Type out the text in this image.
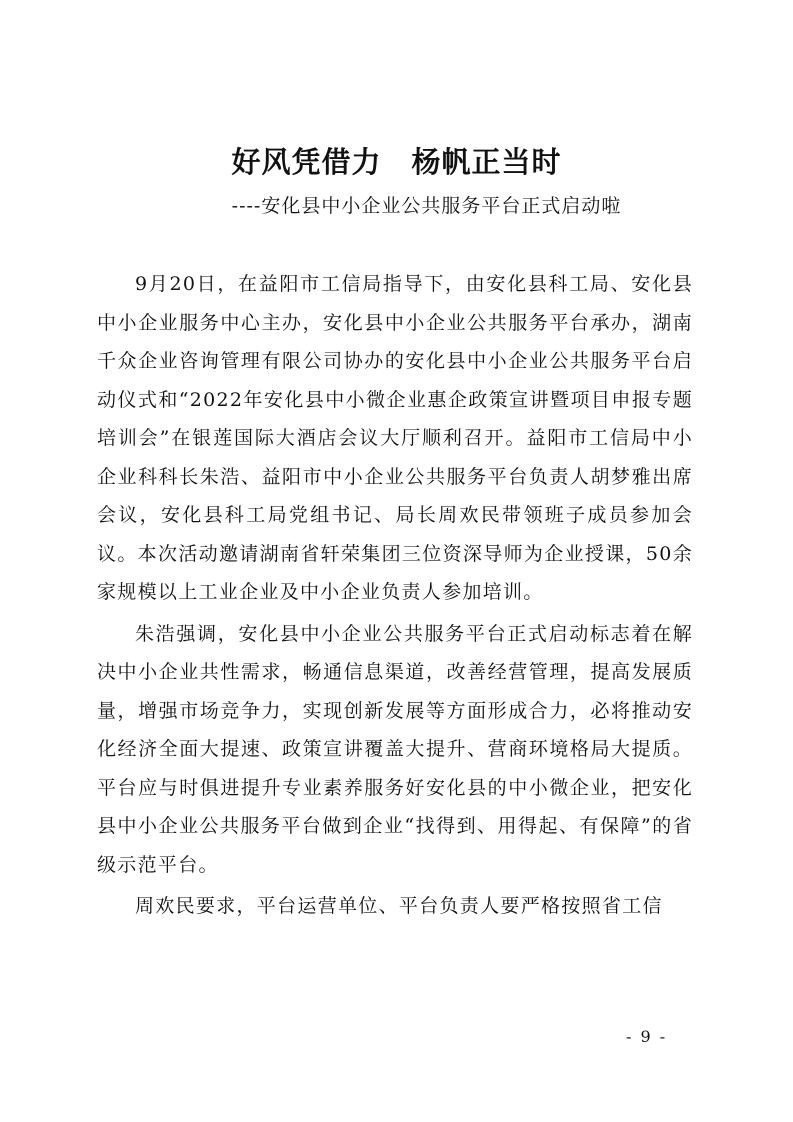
好风凭借力　杨帆正当时

----安化县中小企业公共服务平台正式启动啦

9月20日，在益阳市工信局指导下，由安化县科工局、安化县中小企业服务中心主办，安化县中小企业公共服务平台承办，湖南千众企业咨询管理有限公司协办的安化县中小企业公共服务平台启动仪式和“2022年安化县中小微企业惠企政策宣讲暨项目申报专题培训会”在银莲国际大酒店会议大厅顺利召开。益阳市工信局中小企业科科长朱浩、益阳市中小企业公共服务平台负责人胡梦雅出席会议，安化县科工局党组书记、局长周欢民带领班子成员参加会议。本次活动邀请湖南省轩荣集团三位资深导师为企业授课，50余家规模以上工业企业及中小企业负责人参加培训。

朱浩强调，安化县中小企业公共服务平台正式启动标志着在解决中小企业共性需求，畅通信息渠道，改善经营管理，提高发展质量，增强市场竞争力，实现创新发展等方面形成合力，必将推动安化经济全面大提速、政策宣讲覆盖大提升、营商环境格局大提质。平台应与时俱进提升专业素养服务好安化县的中小微企业，把安化县中小企业公共服务平台做到企业“找得到、用得起、有保障”的省级示范平台。

周欢民要求，平台运营单位、平台负责人要严格按照省工信

- 9 -
